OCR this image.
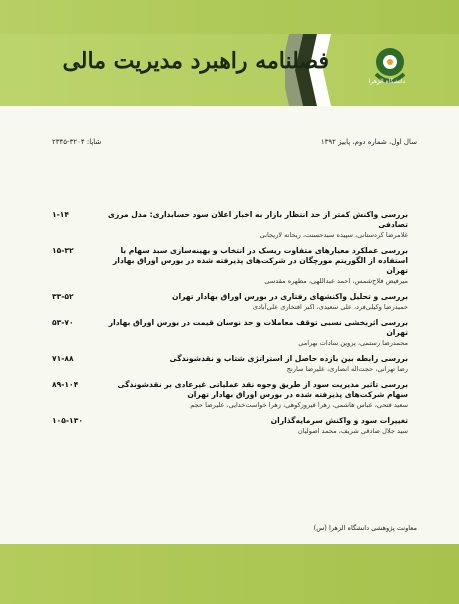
فصلنامه راهبرد مدیریت مالی
دانشگاه الزهرا
سال اول، شماره دوم، پاییز ۱۳۹۲
شاپا: ۳۲۰۴-۲۳۴۵
۱-۱۴	بررسی واکنش کمتر از حد انتظار بازار به اخبار اعلان سود حسابداری: مدل مرزی تصادفی
غلامرضا کردستانی، سپیده سیدحسنت، ریحانه لاریجانی
۱۵-۳۲	بررسی عملکرد معیارهای متفاوت ریسک در انتخاب و بهینه‌سازی سبد سهام با استفاده از الگوریتم مورچگان در شرکت‌های پذیرفته شده در بورس اوراق بهادار تهران
میرفیض فلاح‌شمس، احمد عبداللهی، مطهره مقدسی
۳۳-۵۲	بررسی و تحلیل واکنشهای رفتاری در بورس اوراق بهادار تهران
حمیدرضا وکیلی‌فرد، علی سعیدی، اکبر افتخاری علی‌آبادی
۵۳-۷۰	بررسی اثربخشی نسبی توقف معاملات و حد نوسان قیمت در بورس اوراق بهادار تهران
محمدرضا رستمی، پروین سادات بهرامی
۷۱-۸۸	بررسی رابطه بین بازده حاصل از استراتژی شتاب و نقدشوندگی
رضا تهرانی، حجت‌اله انصاری، علیرضا سارنج
۸۹-۱۰۴	بررسی تاثیر مدیریت سود از طریق وجوه نقد عملیاتی غیرعادی بر نقدشوندگی سهام شرکت‌های پذیرفته شده در بورس اوراق بهادار تهران
سعید فتحی، عباس هاشمی، زهرا فیروزکوهی، زهرا خواست‌خدایی، علیرضا حجم
۱۰۵-۱۳۰	تغییرات سود و واکنش سرمایه‌گذاران
سید جلال صادقی شریف، محمد اصولیان
معاونت پژوهشی دانشگاه الزهرا (س)
